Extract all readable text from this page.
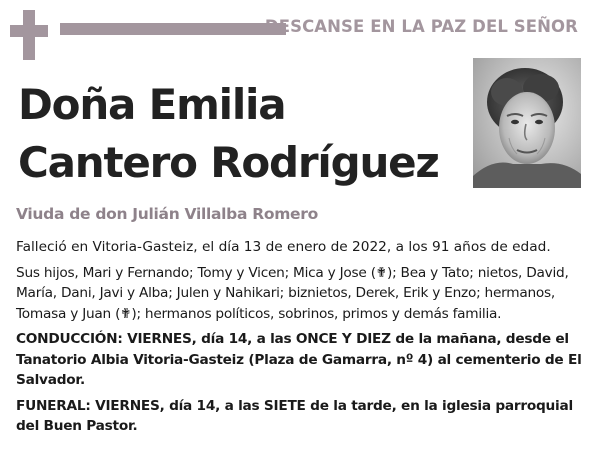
DESCANSE EN LA PAZ DEL SEÑOR
Doña Emilia
Cantero Rodríguez
Viuda de don Julián Villalba Romero

Falleció en Vitoria-Gasteiz, el día 13 de enero de 2022, a los 91 años de edad.

Sus hijos, Mari y Fernando; Tomy y Vicen; Mica y Jose (✟); Bea y Tato; nietos, David, María, Dani, Javi y Alba; Julen y Nahikari; biznietos, Derek, Erik y Enzo; hermanos, Tomasa y Juan (✟); hermanos políticos, sobrinos, primos y demás familia.

CONDUCCIÓN: VIERNES, día 14, a las ONCE Y DIEZ de la mañana, desde el Tanatorio Albia Vitoria-Gasteiz (Plaza de Gamarra, nº 4) al cementerio de El Salvador.

FUNERAL: VIERNES, día 14, a las SIETE de la tarde, en la iglesia parroquial del Buen Pastor.
